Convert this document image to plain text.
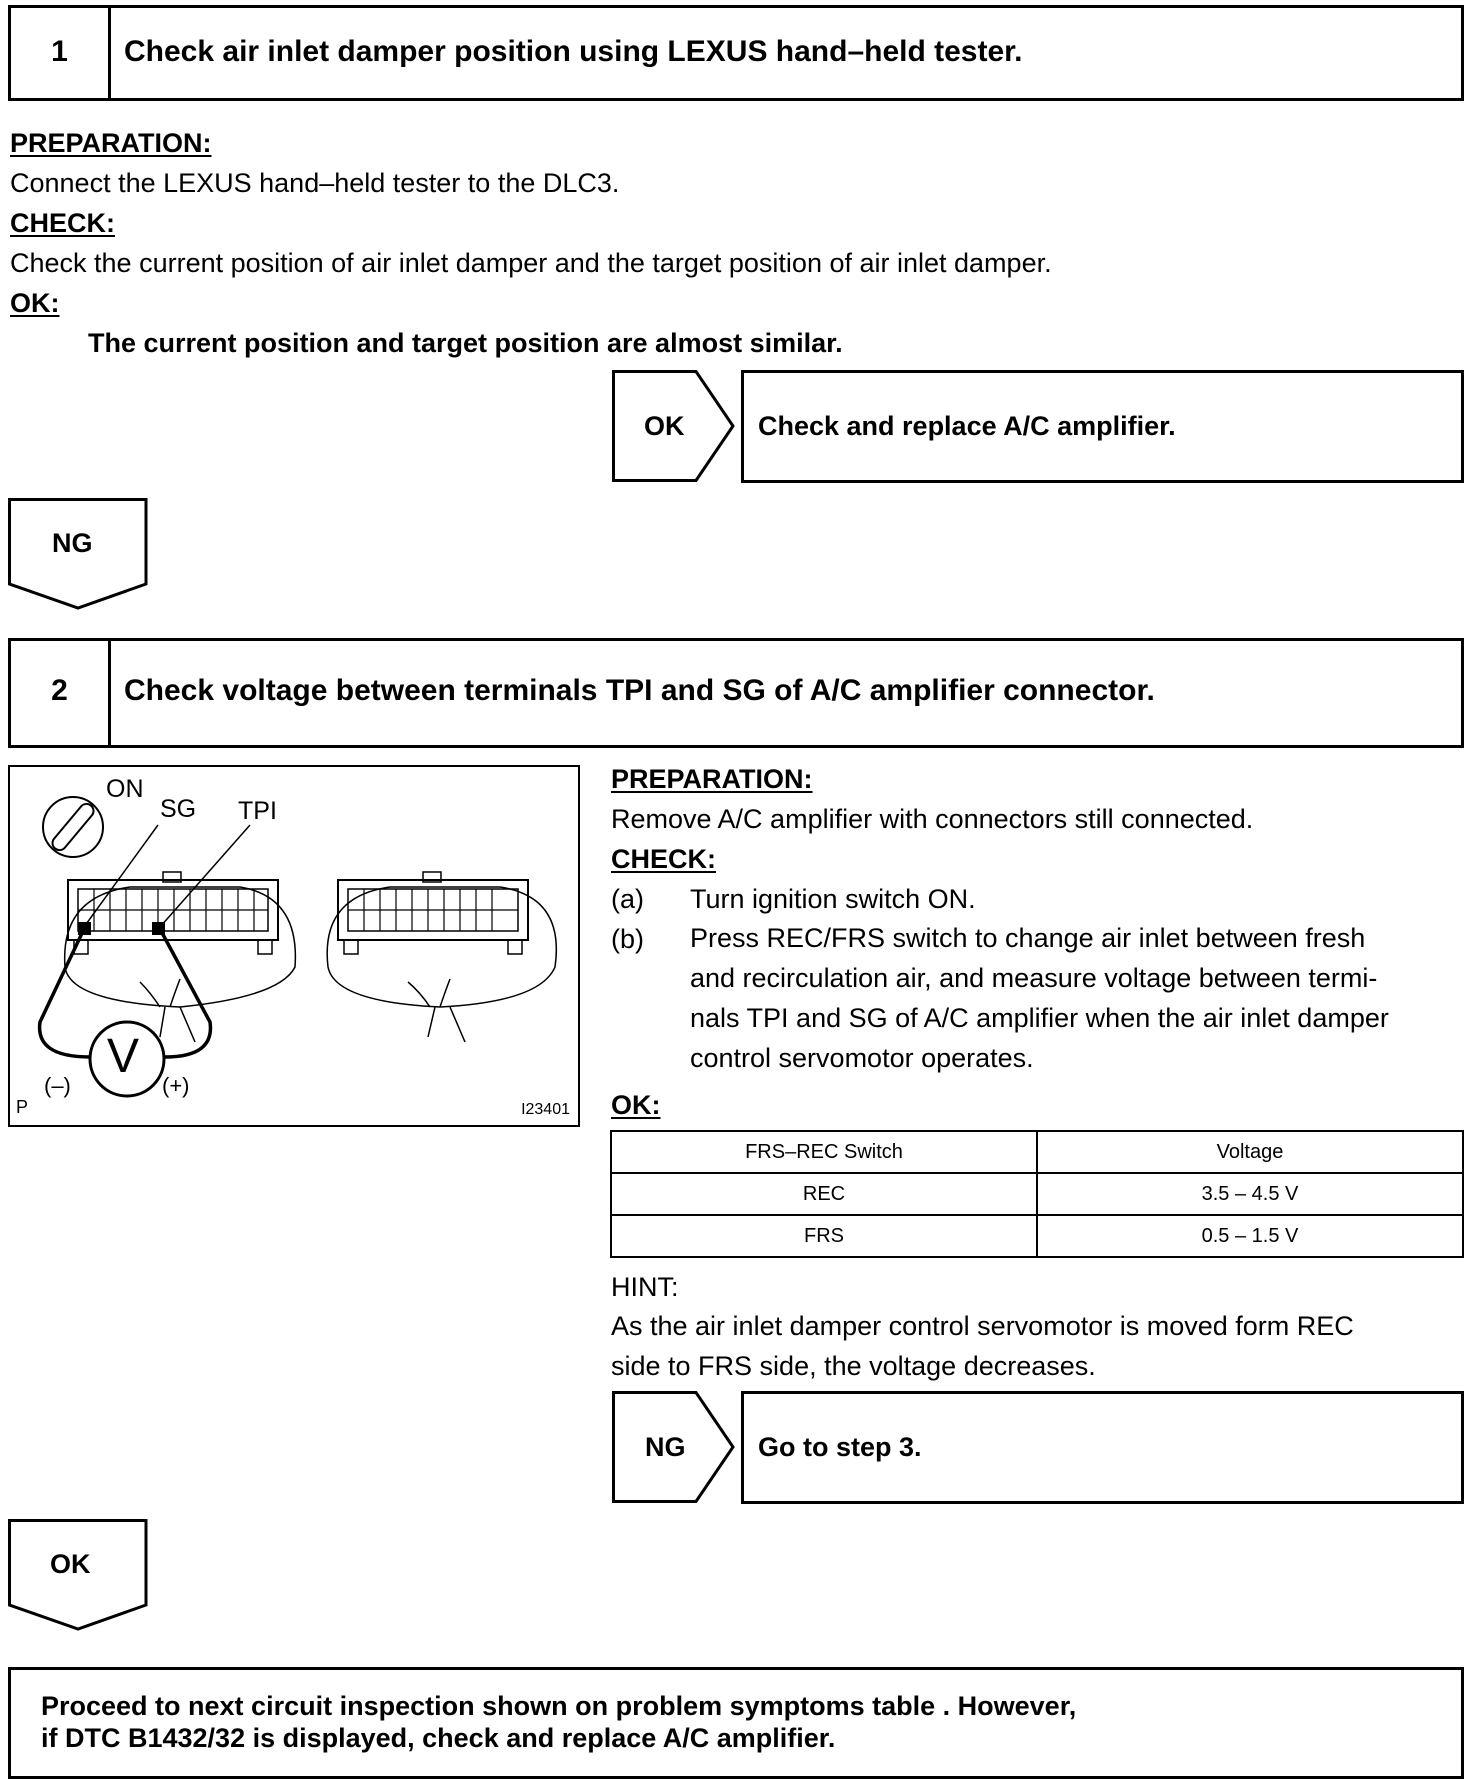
1	Check air inlet damper position using LEXUS hand–held tester.
PREPARATION:
Connect the LEXUS hand–held tester to the DLC3.
CHECK:
Check the current position of air inlet damper and the target position of air inlet damper.
OK:
The current position and target position are almost similar.
OK	Check and replace A/C amplifier.
NG
2	Check voltage between terminals TPI and SG of A/C amplifier connector.
ON
SG TPI
V
(–)	(+)
P	I23401
PREPARATION:
Remove A/C amplifier with connectors still connected.
CHECK:
(a) Turn ignition switch ON.
(b) Press REC/FRS switch to change air inlet between fresh
and recirculation air, and measure voltage between termi-
nals TPI and SG of A/C amplifier when the air inlet damper
control servomotor operates.
OK:
FRS–REC Switch	Voltage
REC	3.5 – 4.5 V
FRS	0.5 – 1.5 V
HINT:
As the air inlet damper control servomotor is moved form REC
side to FRS side, the voltage decreases.
NG	Go to step 3.
OK
Proceed to next circuit inspection shown on problem symptoms table . However,
if DTC B1432/32 is displayed, check and replace A/C amplifier.
